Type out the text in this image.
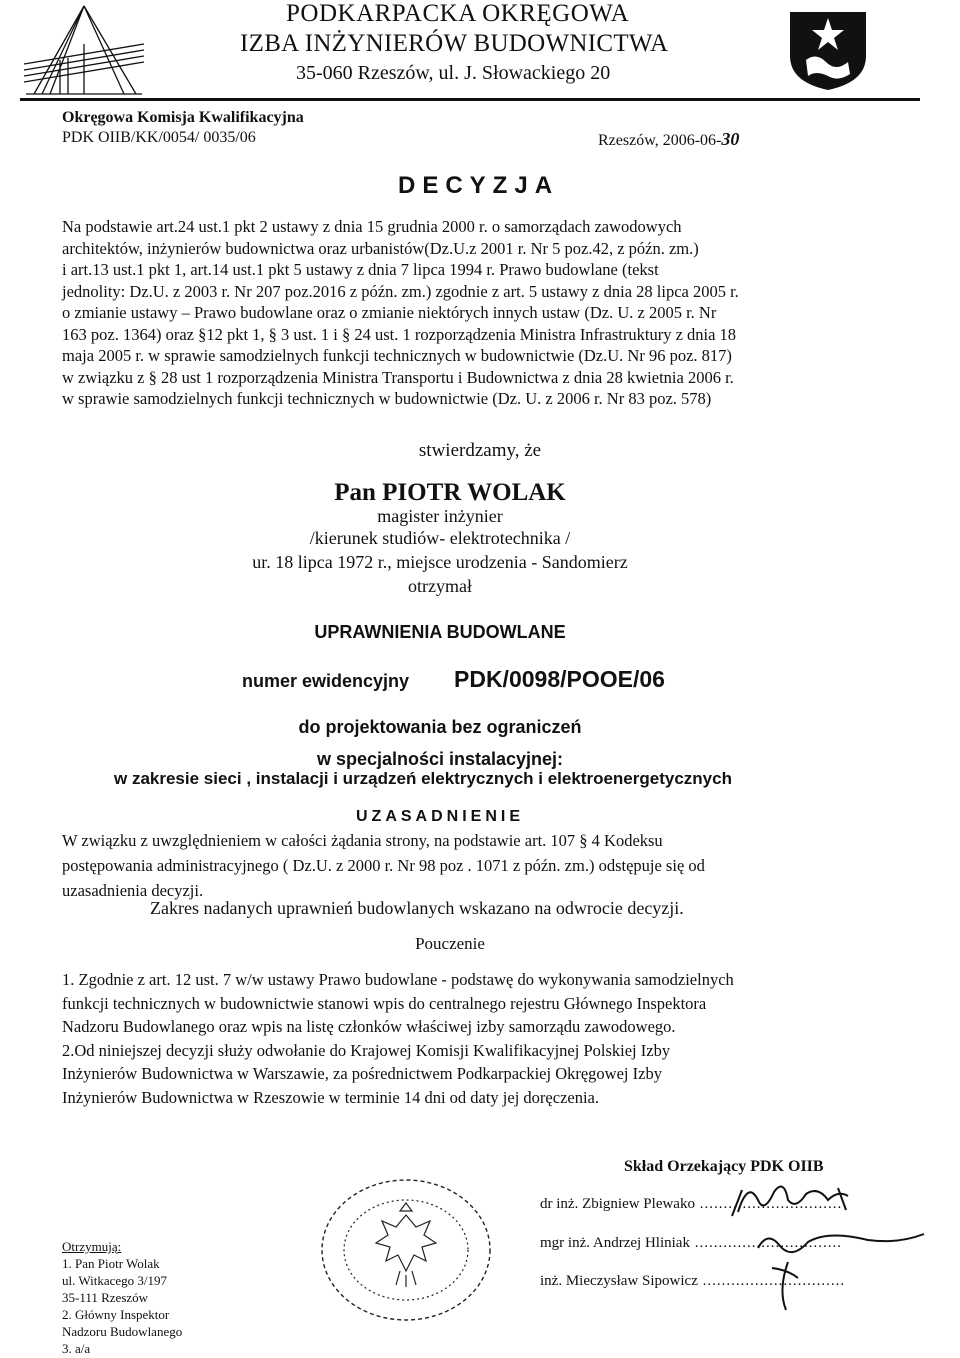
PODKARPACKA OKRĘGOWA
IZBA INŻYNIERÓW BUDOWNICTWA
35-060 Rzeszów, ul. J. Słowackiego 20
Okręgowa Komisja Kwalifikacyjna
PDK OIIB/KK/0054/ 0035/06	Rzeszów, 2006-06-30
DECYZJA
Na podstawie art.24 ust.1 pkt 2 ustawy z dnia 15 grudnia 2000 r. o samorządach zawodowych
architektów, inżynierów budownictwa oraz urbanistów(Dz.U.z 2001 r. Nr 5 poz.42, z późn. zm.)
i art.13 ust.1 pkt 1, art.14 ust.1 pkt 5 ustawy z dnia 7 lipca 1994 r. Prawo budowlane (tekst
jednolity: Dz.U. z 2003 r. Nr 207 poz.2016 z późn. zm.) zgodnie z art. 5 ustawy z dnia 28 lipca 2005 r.
o zmianie ustawy – Prawo budowlane oraz o zmianie niektórych innych ustaw (Dz. U. z 2005 r. Nr
163 poz. 1364) oraz §12 pkt 1, § 3 ust. 1 i § 24 ust. 1 rozporządzenia Ministra Infrastruktury z dnia 18
maja 2005 r. w sprawie samodzielnych funkcji technicznych w budownictwie (Dz.U. Nr 96 poz. 817)
w związku z § 28 ust 1 rozporządzenia Ministra Transportu i Budownictwa z dnia 28 kwietnia 2006 r.
w sprawie samodzielnych funkcji technicznych w budownictwie (Dz. U. z 2006 r. Nr 83 poz. 578)
stwierdzamy, że
Pan PIOTR WOLAK
magister inżynier
/kierunek studiów- elektrotechnika /
ur. 18 lipca 1972 r., miejsce urodzenia - Sandomierz
otrzymał
UPRAWNIENIA BUDOWLANE
numer ewidencyjny PDK/0098/POOE/06
do projektowania bez ograniczeń
w specjalności instalacyjnej:
w zakresie sieci , instalacji i urządzeń elektrycznych i elektroenergetycznych
UZASADNIENIE
W związku z uwzględnieniem w całości żądania strony, na podstawie art. 107 § 4 Kodeksu
postępowania administracyjnego ( Dz.U. z 2000 r. Nr 98 poz . 1071 z późn. zm.) odstępuje się od
uzasadnienia decyzji.
Zakres nadanych uprawnień budowlanych wskazano na odwrocie decyzji.
Pouczenie
1. Zgodnie z art. 12 ust. 7 w/w ustawy Prawo budowlane - podstawę do wykonywania samodzielnych
funkcji technicznych w budownictwie stanowi wpis do centralnego rejestru Głównego Inspektora
Nadzoru Budowlanego oraz wpis na listę członków właściwej izby samorządu zawodowego.
2.Od niniejszej decyzji służy odwołanie do Krajowej Komisji Kwalifikacyjnej Polskiej Izby
Inżynierów Budownictwa w Warszawie, za pośrednictwem Podkarpackiej Okręgowej Izby
Inżynierów Budownictwa w Rzeszowie w terminie 14 dni od daty jej doręczenia.
Skład Orzekający PDK OIIB
dr inż. Zbigniew Plewako ..............................
mgr inż. Andrzej Hliniak ...............................
inż. Mieczysław Sipowicz ..............................
Otrzymują:
1. Pan Piotr Wolak
ul. Witkacego 3/197
35-111 Rzeszów
2. Główny Inspektor
Nadzoru Budowlanego
3. a/a
